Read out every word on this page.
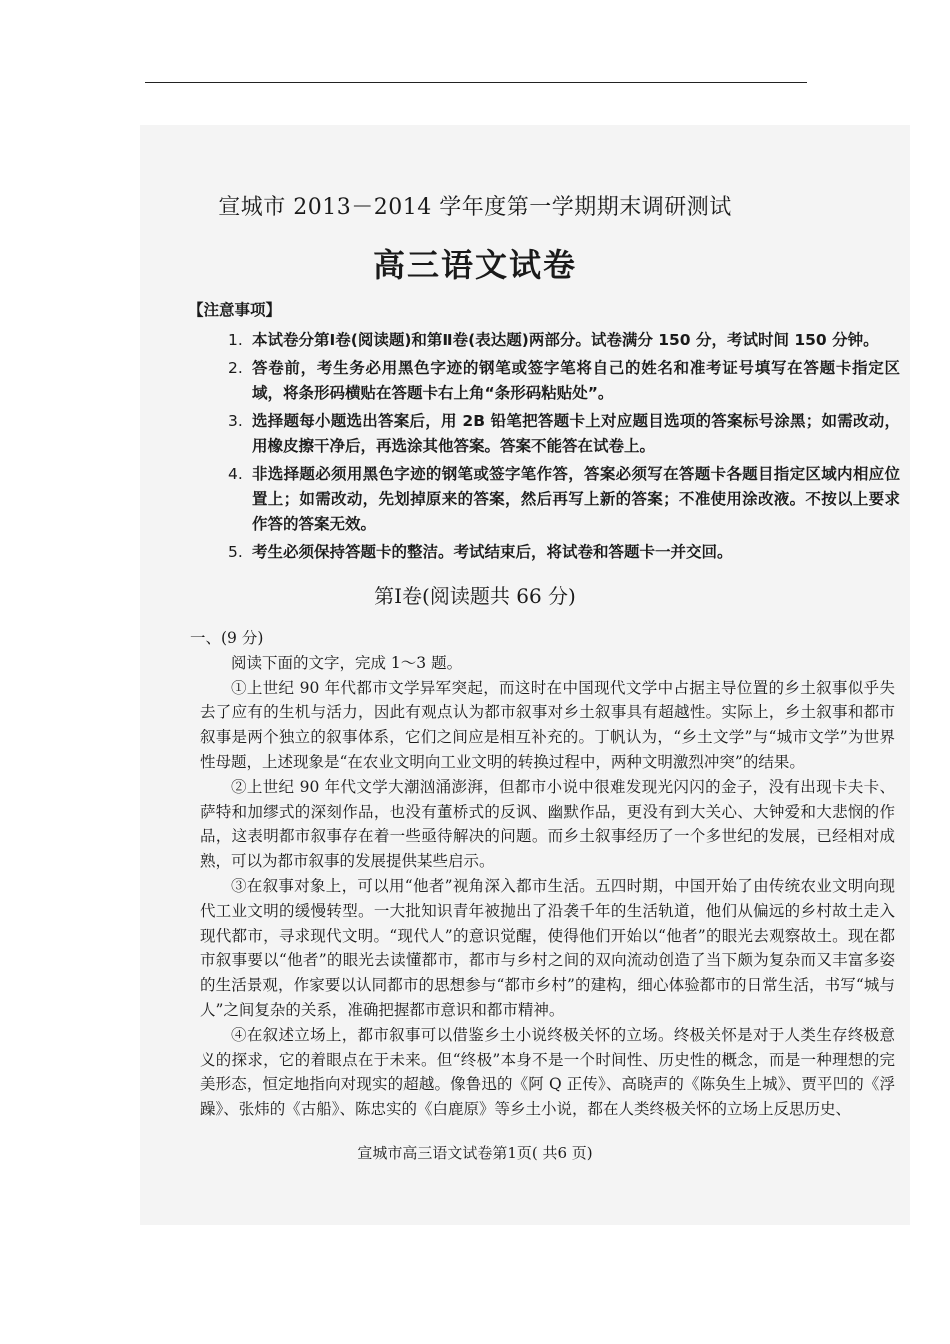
宣城市 2013－2014 学年度第一学期期末调研测试
高三语文试卷
【注意事项】
1. 本试卷分第Ⅰ卷(阅读题)和第Ⅱ卷(表达题)两部分。试卷满分 150 分，考试时间 150 分钟。
2. 答卷前，考生务必用黑色字迹的钢笔或签字笔将自己的姓名和准考证号填写在答题卡指定区域，将条形码横贴在答题卡右上角“条形码粘贴处”。
3. 选择题每小题选出答案后，用 2B 铅笔把答题卡上对应题目选项的答案标号涂黑；如需改动，用橡皮擦干净后，再选涂其他答案。答案不能答在试卷上。
4. 非选择题必须用黑色字迹的钢笔或签字笔作答，答案必须写在答题卡各题目指定区域内相应位置上；如需改动，先划掉原来的答案，然后再写上新的答案；不准使用涂改液。不按以上要求作答的答案无效。
5. 考生必须保持答题卡的整洁。考试结束后，将试卷和答题卡一并交回。
第Ⅰ卷(阅读题共 66 分)
一、(9 分)

阅读下面的文字，完成 1～3 题。

①上世纪 90 年代都市文学异军突起，而这时在中国现代文学中占据主导位置的乡土叙事似乎失去了应有的生机与活力，因此有观点认为都市叙事对乡土叙事具有超越性。实际上，乡土叙事和都市叙事是两个独立的叙事体系，它们之间应是相互补充的。丁帆认为，“乡土文学”与“城市文学”为世界性母题，上述现象是“在农业文明向工业文明的转换过程中，两种文明激烈冲突”的结果。

②上世纪 90 年代文学大潮汹涌澎湃，但都市小说中很难发现光闪闪的金子，没有出现卡夫卡、萨特和加缪式的深刻作品，也没有董桥式的反讽、幽默作品，更没有到大关心、大钟爱和大悲悯的作品，这表明都市叙事存在着一些亟待解决的问题。而乡土叙事经历了一个多世纪的发展，已经相对成熟，可以为都市叙事的发展提供某些启示。

③在叙事对象上，可以用“他者”视角深入都市生活。五四时期，中国开始了由传统农业文明向现代工业文明的缓慢转型。一大批知识青年被抛出了沿袭千年的生活轨道，他们从偏远的乡村故土走入现代都市，寻求现代文明。“现代人”的意识觉醒，使得他们开始以“他者”的眼光去观察故土。现在都市叙事要以“他者”的眼光去读懂都市，都市与乡村之间的双向流动创造了当下颇为复杂而又丰富多姿的生活景观，作家要以认同都市的思想参与“都市乡村”的建构，细心体验都市的日常生活，书写“城与人”之间复杂的关系，准确把握都市意识和都市精神。

④在叙述立场上，都市叙事可以借鉴乡土小说终极关怀的立场。终极关怀是对于人类生存终极意义的探求，它的着眼点在于未来。但“终极”本身不是一个时间性、历史性的概念，而是一种理想的完美形态，恒定地指向对现实的超越。像鲁迅的《阿 Q 正传》、高晓声的《陈奂生上城》、贾平凹的《浮躁》、张炜的《古船》、陈忠实的《白鹿原》等乡土小说，都在人类终极关怀的立场上反思历史、

宣城市高三语文试卷第1页( 共6 页)
